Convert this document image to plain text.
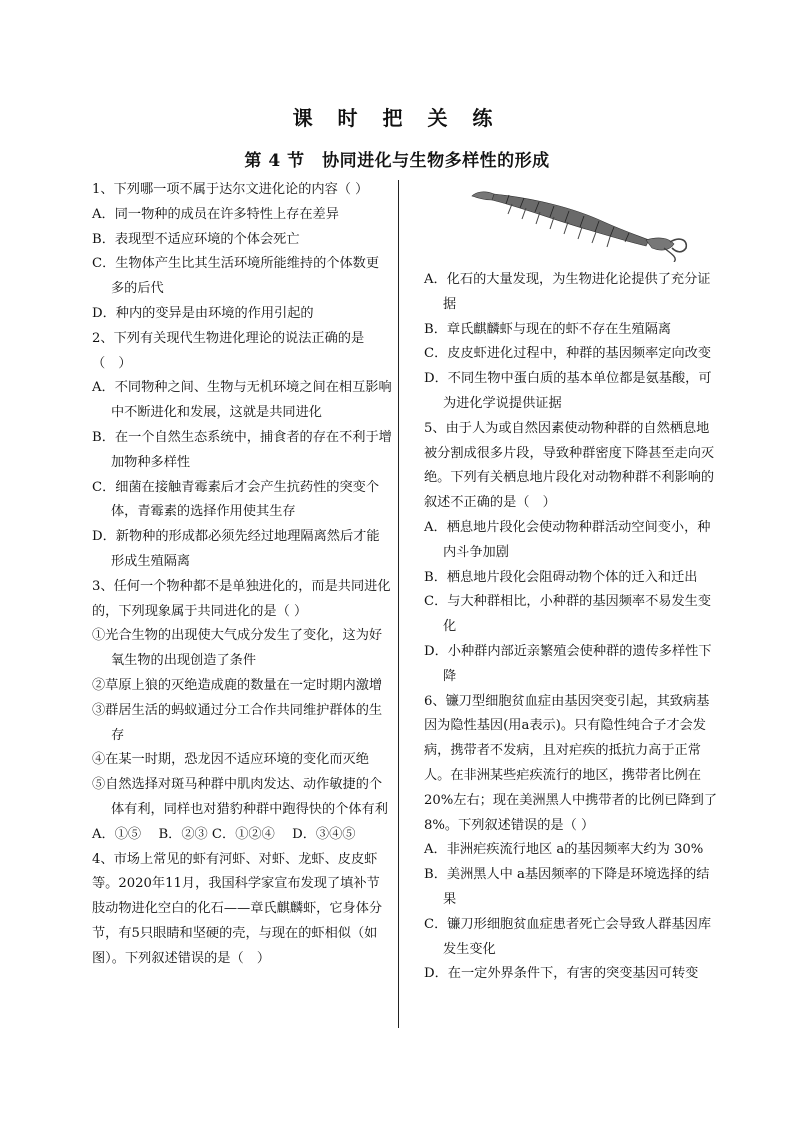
课 时 把 关 练
第 4 节　协同进化与生物多样性的形成

1、下列哪一项不属于达尔文进化论的内容（ ）

A．同一物种的成员在许多特性上存在差异

B．表现型不适应环境的个体会死亡

C．生物体产生比其生活环境所能维持的个体数更多的后代

D．种内的变异是由环境的作用引起的

2、下列有关现代生物进化理论的说法正确的是（　）

A．不同物种之间、生物与无机环境之间在相互影响中不断进化和发展，这就是共同进化

B．在一个自然生态系统中，捕食者的存在不利于增加物种多样性

C．细菌在接触青霉素后才会产生抗药性的突变个体，青霉素的选择作用使其生存

D．新物种的形成都必须先经过地理隔离然后才能形成生殖隔离

3、任何一个物种都不是单独进化的，而是共同进化的，下列现象属于共同进化的是（ ）

①光合生物的出现使大气成分发生了变化，这为好氧生物的出现创造了条件

②草原上狼的灭绝造成鹿的数量在一定时期内激增

③群居生活的蚂蚁通过分工合作共同维护群体的生存

④在某一时期，恐龙因不适应环境的变化而灭绝

⑤自然选择对斑马种群中肌肉发达、动作敏捷的个体有利，同样也对猎豹种群中跑得快的个体有利

A．①⑤　 B．②③ C．①②④　 D．③④⑤

4、市场上常见的虾有河虾、对虾、龙虾、皮皮虾等。2020年11月，我国科学家宣布发现了填补节肢动物进化空白的化石——章氏麒麟虾，它身体分节，有5只眼睛和坚硬的壳，与现在的虾相似（如图）。下列叙述错误的是（　）

A．化石的大量发现，为生物进化论提供了充分证据

B．章氏麒麟虾与现在的虾不存在生殖隔离

C．皮皮虾进化过程中，种群的基因频率定向改变

D．不同生物中蛋白质的基本单位都是氨基酸，可为进化学说提供证据

5、由于人为或自然因素使动物种群的自然栖息地被分割成很多片段，导致种群密度下降甚至走向灭绝。下列有关栖息地片段化对动物种群不利影响的叙述不正确的是（　）

A．栖息地片段化会使动物种群活动空间变小，种内斗争加剧

B．栖息地片段化会阻碍动物个体的迁入和迁出

C．与大种群相比，小种群的基因频率不易发生变化

D．小种群内部近亲繁殖会使种群的遗传多样性下降

6、镰刀型细胞贫血症由基因突变引起，其致病基因为隐性基因(用a表示)。只有隐性纯合子才会发病，携带者不发病，且对疟疾的抵抗力高于正常人。在非洲某些疟疾流行的地区，携带者比例在20%左右；现在美洲黑人中携带者的比例已降到了8%。下列叙述错误的是（ ）

A．非洲疟疾流行地区 a的基因频率大约为 30%

B．美洲黑人中 a基因频率的下降是环境选择的结果

C．镰刀形细胞贫血症患者死亡会导致人群基因库发生变化

D．在一定外界条件下，有害的突变基因可转变
